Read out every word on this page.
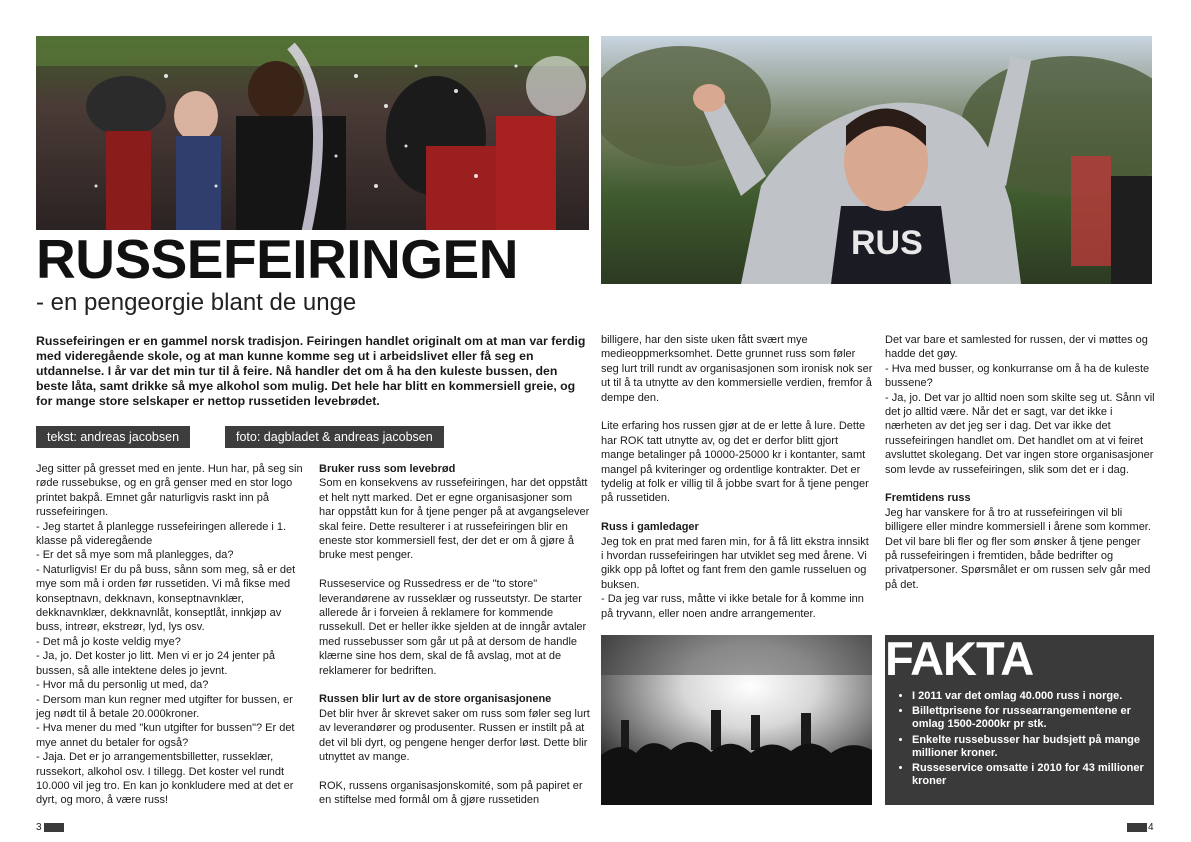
RUS
RUSSEFEIRINGEN

- en pengeorgie blant de unge

Russefeiringen er en gammel norsk tradisjon. Feiringen handlet originalt om at man var ferdig med videregående skole, og at man kunne komme seg ut i arbeidslivet eller få seg en utdannelse. I år var det min tur til å feire. Nå handler det om å ha den kuleste bussen, den beste låta, samt drikke så mye alkohol som mulig. Det hele har blitt en kommersiell greie, og for mange store selskaper er nettop russetiden levebrødet.

tekst: andreas jacobsen	foto: dagbladet & andreas jacobsen

Jeg sitter på gresset med en jente. Hun har, på seg sin røde russebukse, og en grå genser med en stor logo printet bakpå. Emnet går naturligvis raskt inn på russefeiringen.
- Jeg startet å planlegge russefeiringen allerede i 1. klasse på videregående
- Er det så mye som må planlegges, da?
- Naturligvis! Er du på buss, sånn som meg, så er det mye som må i orden før russetiden. Vi må fikse med konseptnavn, dekknavn, konseptnavnklær, dekknavnklær, dekknavnlåt, konseptlåt, innkjøp av buss, intreør, ekstreør, lyd, lys osv.
- Det må jo koste veldig mye?
- Ja, jo. Det koster jo litt. Men vi er jo 24 jenter på bussen, så alle intektene deles jo jevnt.
- Hvor må du personlig ut med, da?
- Dersom man kun regner med utgifter for bussen, er jeg nødt til å betale 20.000kroner.
- Hva mener du med "kun utgifter for bussen"? Er det mye annet du betaler for også?
- Jaja. Det er jo arrangementsbilletter, russeklær, russekort, alkohol osv. I tillegg. Det koster vel rundt 10.000 vil jeg tro. En kan jo konkludere med at det er dyrt, og moro, å være russ!

Bruker russ som levebrød

Som en konsekvens av russefeiringen, har det oppstått et helt nytt marked. Det er egne organisasjoner som har oppstått kun for å tjene penger på at avgangselever skal feire. Dette resulterer i at russefeiringen blir en eneste stor kommersiell fest, der det er om å gjøre å bruke mest penger.

Russeservice og Russedress er de "to store" leverandørene av russeklær og russeutstyr. De starter allerede år i forveien å reklamere for kommende russekull. Det er heller ikke sjelden at de inngår avtaler med russebusser som går ut på at dersom de handle klærne sine hos dem, skal de få avslag, mot at de reklamerer for bedriften.

Russen blir lurt av de store organisasjonene

Det blir hver år skrevet saker om russ som føler seg lurt av leverandører og produsenter. Russen er instilt på at det vil bli dyrt, og pengene henger derfor løst. Dette blir utnyttet av mange.

ROK, russens organisasjonskomité, som på papiret er en stiftelse med formål om å gjøre russetiden

billigere, har den siste uken fått svært mye medieoppmerksomhet. Dette grunnet russ som føler seg lurt trill rundt av organisasjonen som ironisk nok ser ut til å ta utnytte av den kommersielle verdien, fremfor å dempe den.

Lite erfaring hos russen gjør at de er lette å lure. Dette har ROK tatt utnytte av, og det er derfor blitt gjort mange betalinger på 10000-25000 kr i kontanter, samt mangel på kviteringer og ordentlige kontrakter. Det er tydelig at folk er villig til å jobbe svart for å tjene penger på russetiden.

Russ i gamledager

Jeg tok en prat med faren min, for å få litt ekstra innsikt i hvordan russefeiringen har utviklet seg med årene. Vi gikk opp på loftet og fant frem den gamle russeluen og buksen.
- Da jeg var russ, måtte vi ikke betale for å komme inn på tryvann, eller noen andre arrangementer.

Det var bare et samlested for russen, der vi møttes og hadde det gøy.
- Hva med busser, og konkurranse om å ha de kuleste bussene?
- Ja, jo. Det var jo alltid noen som skilte seg ut. Sånn vil det jo alltid være. Når det er sagt, var det ikke i nærheten av det jeg ser i dag. Det var ikke det russefeiringen handlet om. Det handlet om at vi feiret avsluttet skolegang. Det var ingen store organisasjoner som levde av russefeiringen, slik som det er i dag.

Fremtidens russ

Jeg har vanskere for å tro at russefeiringen vil bli billigere eller mindre kommersiell i årene som kommer. Det vil bare bli fler og fler som ønsker å tjene penger på russefeiringen i fremtiden, både bedrifter og privatpersoner. Spørsmålet er om russen selv går med på det.

FAKTA
• I 2011 var det omlag 40.000 russ i norge.
• Billettprisene for russearrangementene er omlag 1500-2000kr pr stk.
• Enkelte russebusser har budsjett på mange millioner kroner.
• Russeservice omsatte i 2010 for 43 millioner kroner
3	4
